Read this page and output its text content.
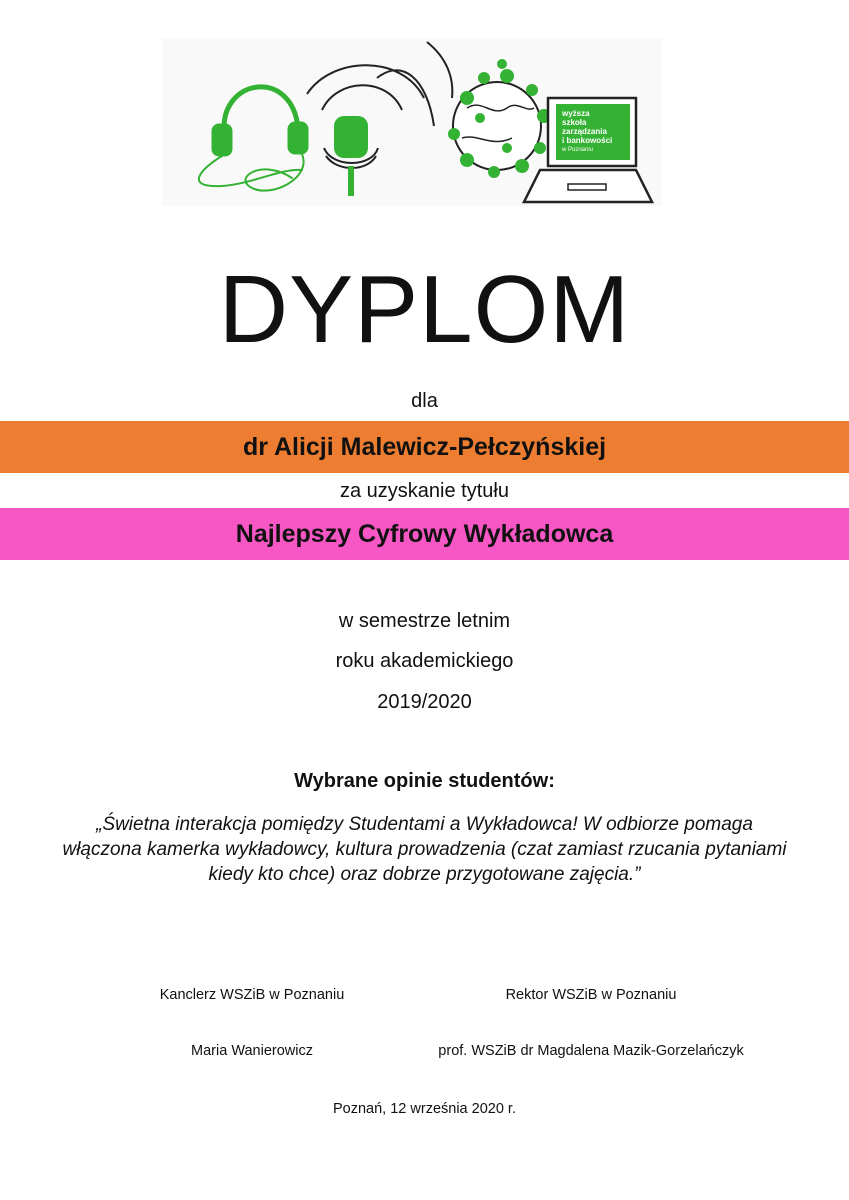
wyższa
szkoła
zarządzania
i bankowości
w Poznaniu
DYPLOM
dla
dr Alicji Malewicz-Pełczyńskiej
za uzyskanie tytułu
Najlepszy Cyfrowy Wykładowca
w semestrze letnim
roku akademickiego
2019/2020
Wybrane opinie studentów:
„Świetna interakcja pomiędzy Studentami a Wykładowca! W odbiorze pomaga
włączona kamerka wykładowcy, kultura prowadzenia (czat zamiast rzucania pytaniami
kiedy kto chce) oraz dobrze przygotowane zajęcia.”
Kanclerz WSZiB w Poznaniu	Rektor WSZiB w Poznaniu
Maria Wanierowicz	prof. WSZiB dr Magdalena Mazik-Gorzelańczyk
Poznań, 12 września 2020 r.
